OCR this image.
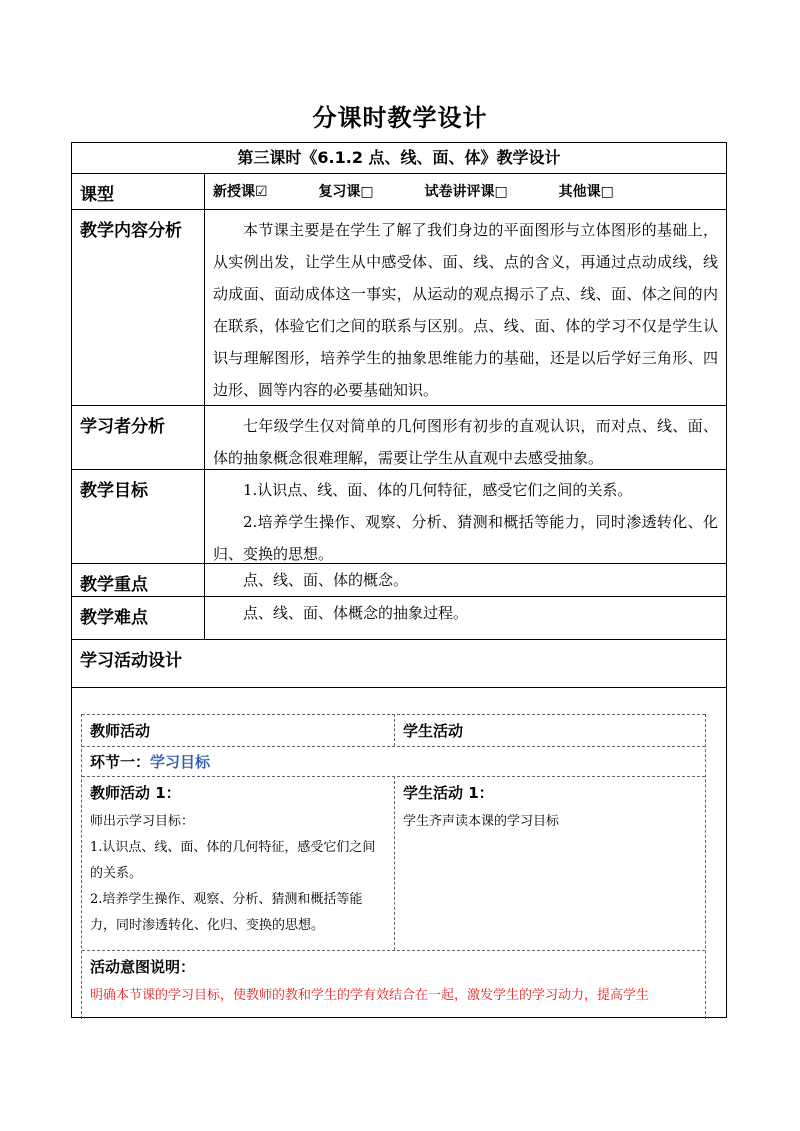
分课时教学设计
第三课时《6.1.2 点、线、面、体》教学设计
课型	新授课☑	复习课□	试卷讲评课□	其他课□
教学内容分析	本节课主要是在学生了解了我们身边的平面图形与立体图形的基础上，从实例出发，让学生从中感受体、面、线、点的含义，再通过点动成线，线动成面、面动成体这一事实，从运动的观点揭示了点、线、面、体之间的内在联系，体验它们之间的联系与区别。点、线、面、体的学习不仅是学生认识与理解图形，培养学生的抽象思维能力的基础，还是以后学好三角形、四边形、圆等内容的必要基础知识。

学习者分析	七年级学生仅对简单的几何图形有初步的直观认识，而对点、线、面、体的抽象概念很难理解，需要让学生从直观中去感受抽象。

教学目标	1.认识点、线、面、体的几何特征，感受它们之间的关系。

2.培养学生操作、观察、分析、猜测和概括等能力，同时渗透转化、化归、变换的思想。

教学重点	点、线、面、体的概念。

教学难点	点、线、面、体概念的抽象过程。

学习活动设计
教师活动	学生活动
环节一：学习目标
教师活动 1：
师出示学习目标：
1.认识点、线、面、体的几何特征，感受它们之间的关系。
2.培养学生操作、观察、分析、猜测和概括等能力，同时渗透转化、化归、变换的思想。
学生活动 1：
学生齐声读本课的学习目标
活动意图说明：
明确本节课的学习目标，使教师的教和学生的学有效结合在一起，激发学生的学习动力，提高学生
